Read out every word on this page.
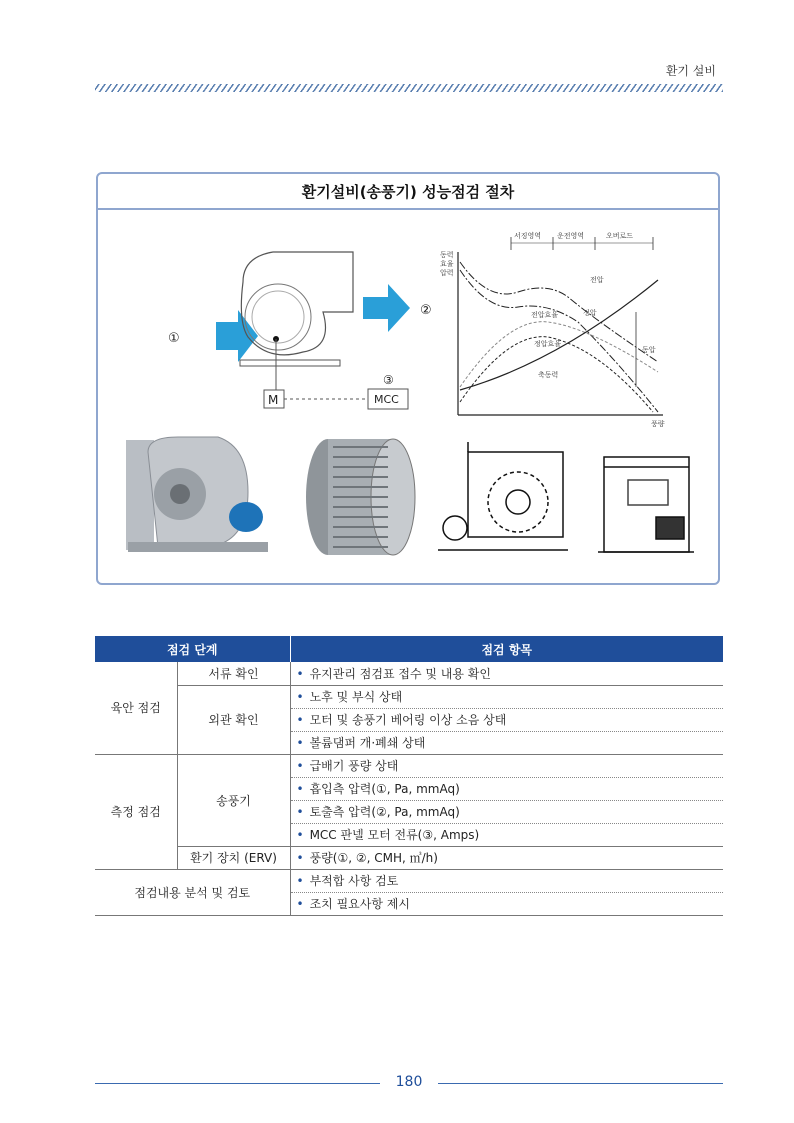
환기 설비
환기설비(송풍기) 성능점검 절차
①
②
M	MCC
③
동력
효율
압력
풍량
서징영역 운전영역	오버로드
전압
정압
전압효율
정압효율
축동력
동압
점검 단계		점검 항목
육안 점검	서류 확인	• 유지관리 점검표 접수 및 내용 확인
	외관 확인	• 노후 및 부식 상태
		• 모터 및 송풍기 베어링 이상 소음 상태
		• 볼륨댐퍼 개·폐쇄 상태
측정 점검	송풍기	• 급배기 풍량 상태
		• 흡입측 압력(①, Pa, mmAq)
		• 토출측 압력(②, Pa, mmAq)
		• MCC 판넬 모터 전류(③, Amps)
	환기 장치 (ERV)	• 풍량(①, ②, CMH, ㎥/h)
점검내용 분석 및 검토		• 부적합 사항 검토
		• 조치 필요사항 제시
180
